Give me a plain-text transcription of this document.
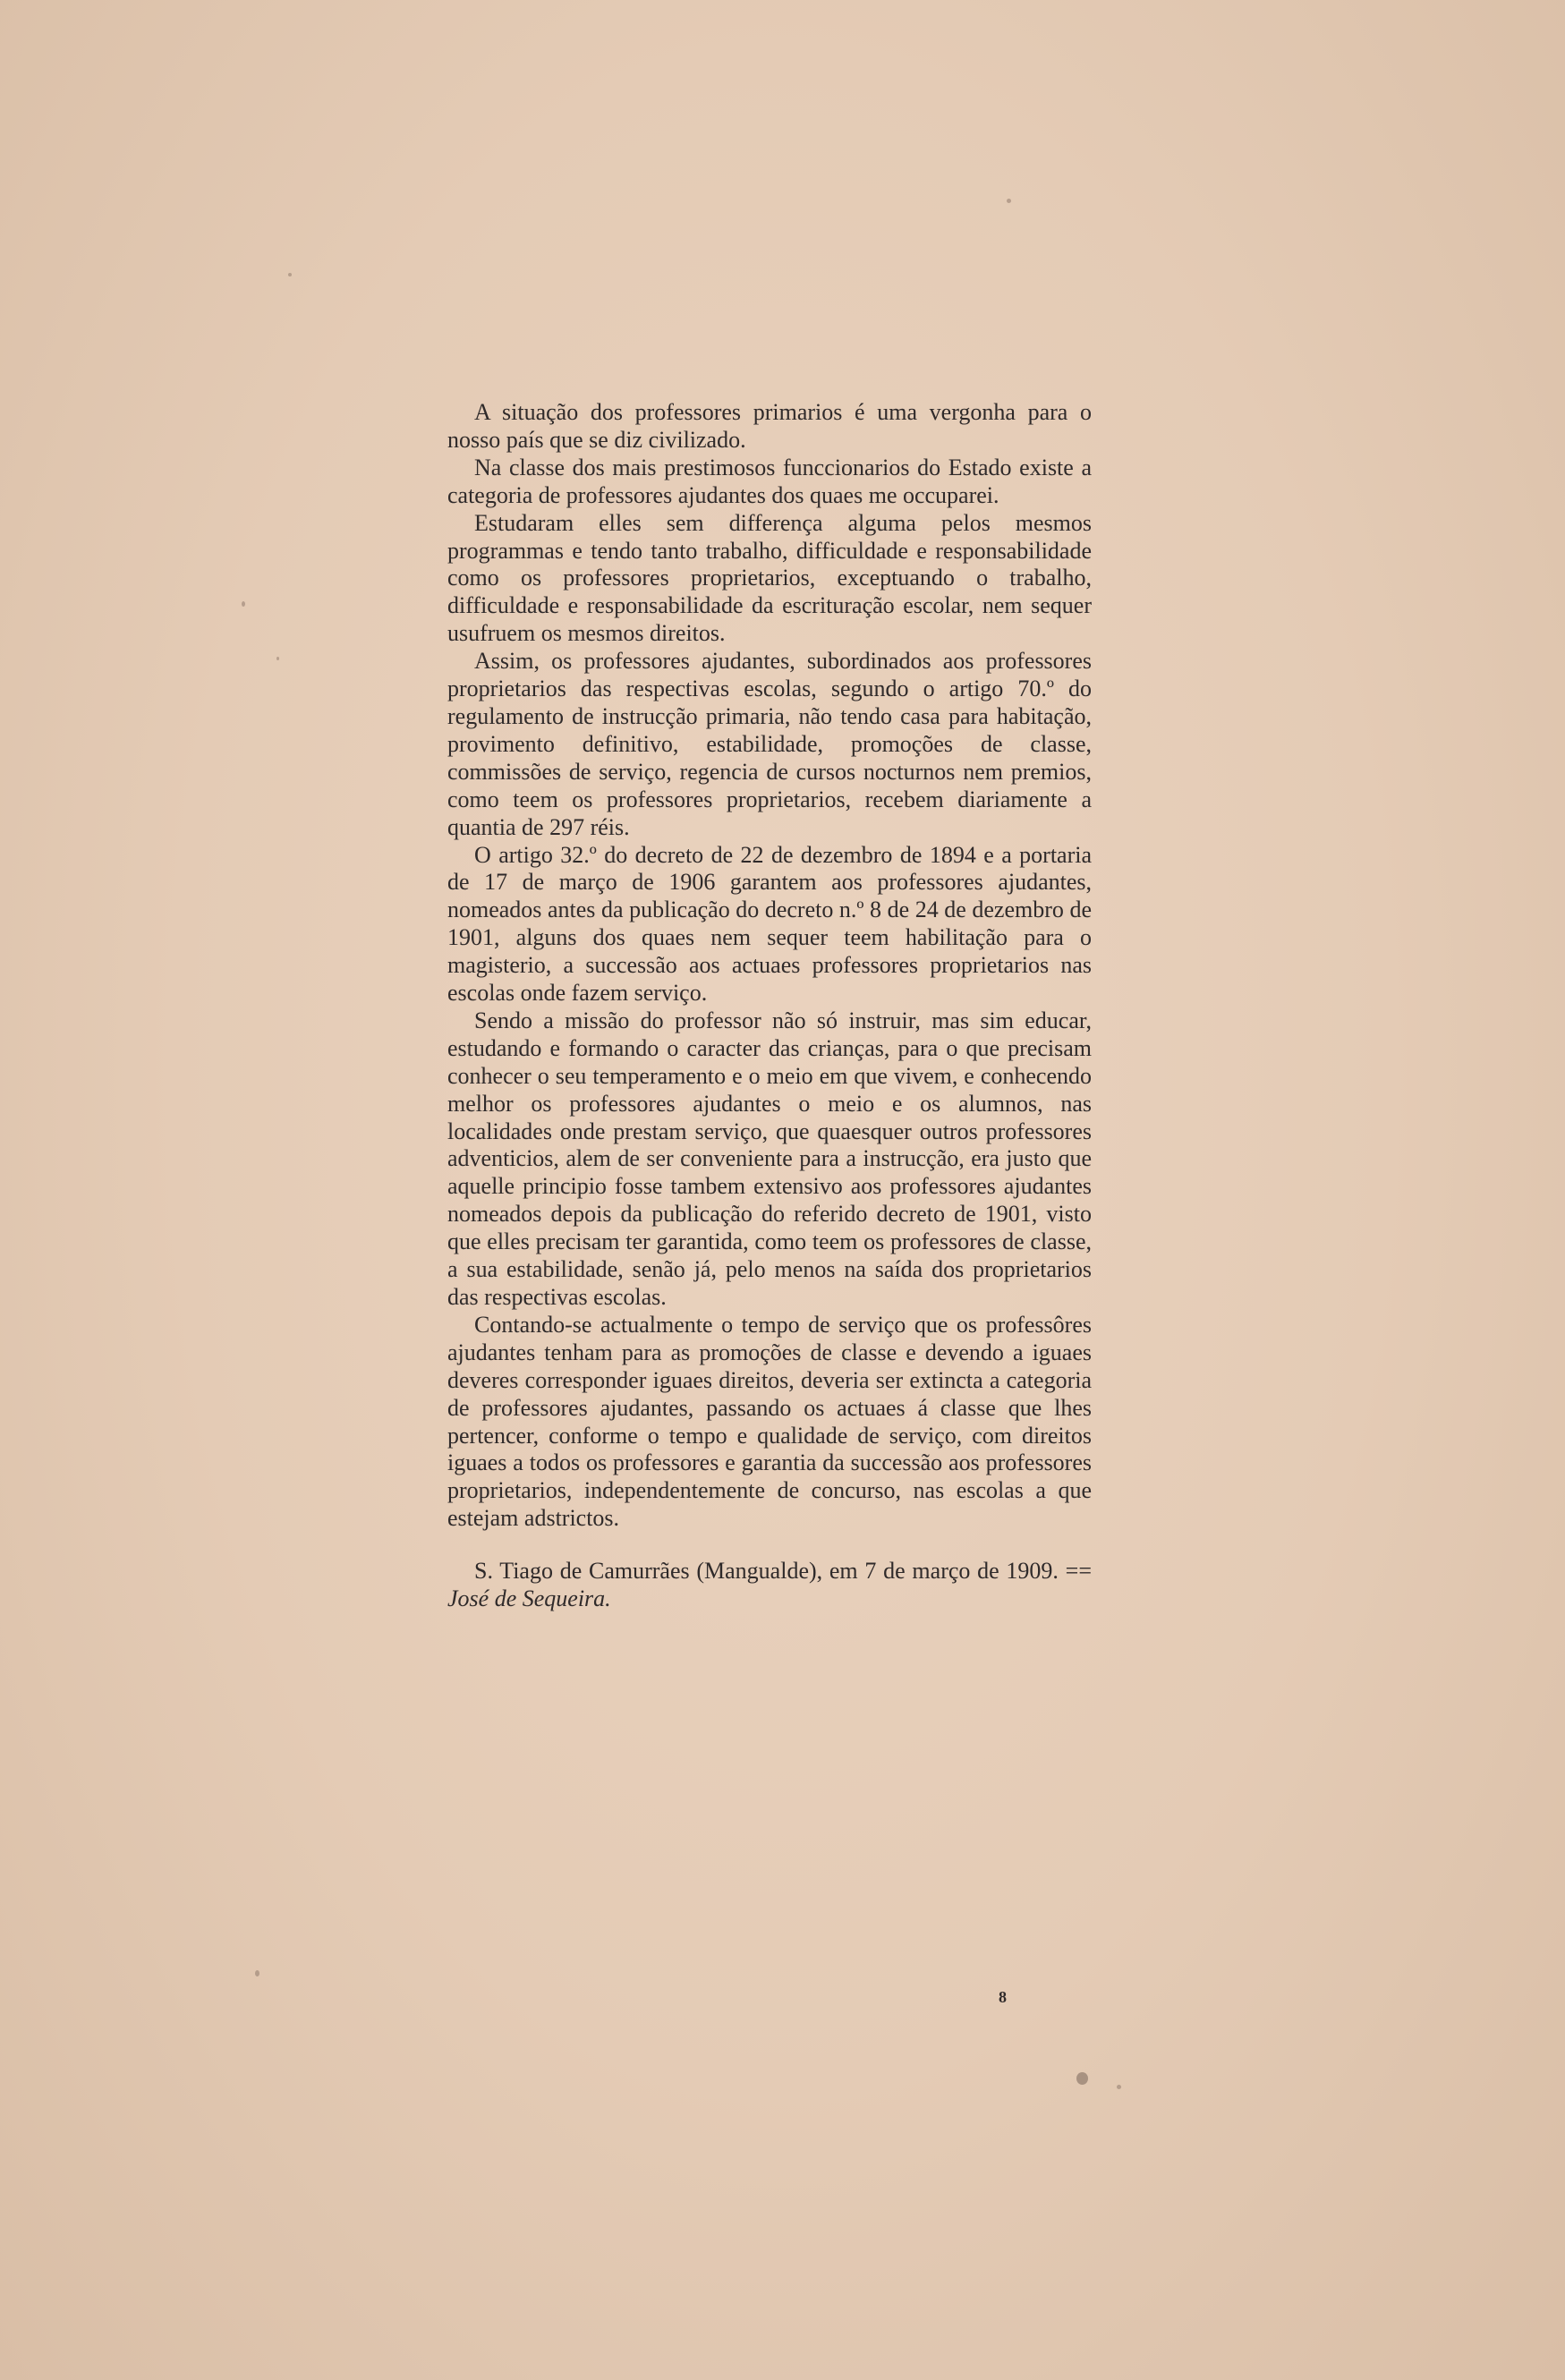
A situação dos professores primarios é uma vergonha para o nosso país que se diz civilizado.

Na classe dos mais prestimosos funccionarios do Estado existe a categoria de professores ajudantes dos quaes me occuparei.

Estudaram elles sem differença alguma pelos mesmos programmas e tendo tanto trabalho, difficuldade e responsabilidade como os professores proprietarios, exceptuando o trabalho, difficuldade e responsabilidade da escrituração escolar, nem sequer usufruem os mesmos direitos.

Assim, os professores ajudantes, subordinados aos professores proprietarios das respectivas escolas, segundo o artigo 70.º do regulamento de instrucção primaria, não tendo casa para habitação, provimento definitivo, estabilidade, promoções de classe, commissões de serviço, regencia de cursos nocturnos nem premios, como teem os professores proprietarios, recebem diariamente a quantia de 297 réis.

O artigo 32.º do decreto de 22 de dezembro de 1894 e a portaria de 17 de março de 1906 garantem aos professores ajudantes, nomeados antes da publicação do decreto n.º 8 de 24 de dezembro de 1901, alguns dos quaes nem sequer teem habilitação para o magisterio, a successão aos actuaes professores proprietarios nas escolas onde fazem serviço.

Sendo a missão do professor não só instruir, mas sim educar, estudando e formando o caracter das crianças, para o que precisam conhecer o seu temperamento e o meio em que vivem, e conhecendo melhor os professores ajudantes o meio e os alumnos, nas localidades onde prestam serviço, que quaesquer outros professores adventicios, alem de ser conveniente para a instrucção, era justo que aquelle principio fosse tambem extensivo aos professores ajudantes nomeados depois da publicação do referido decreto de 1901, visto que elles precisam ter garantida, como teem os professores de classe, a sua estabilidade, senão já, pelo menos na saída dos proprietarios das respectivas escolas.

Contando-se actualmente o tempo de serviço que os professôres ajudantes tenham para as promoções de classe e devendo a iguaes deveres corresponder iguaes direitos, deveria ser extincta a categoria de professores ajudantes, passando os actuaes á classe que lhes pertencer, conforme o tempo e qualidade de serviço, com direitos iguaes a todos os professores e garantia da successão aos professores proprietarios, independentemente de concurso, nas escolas a que estejam adstrictos.

S. Tiago de Camurrães (Mangualde), em 7 de março de 1909. == José de Sequeira.

8
